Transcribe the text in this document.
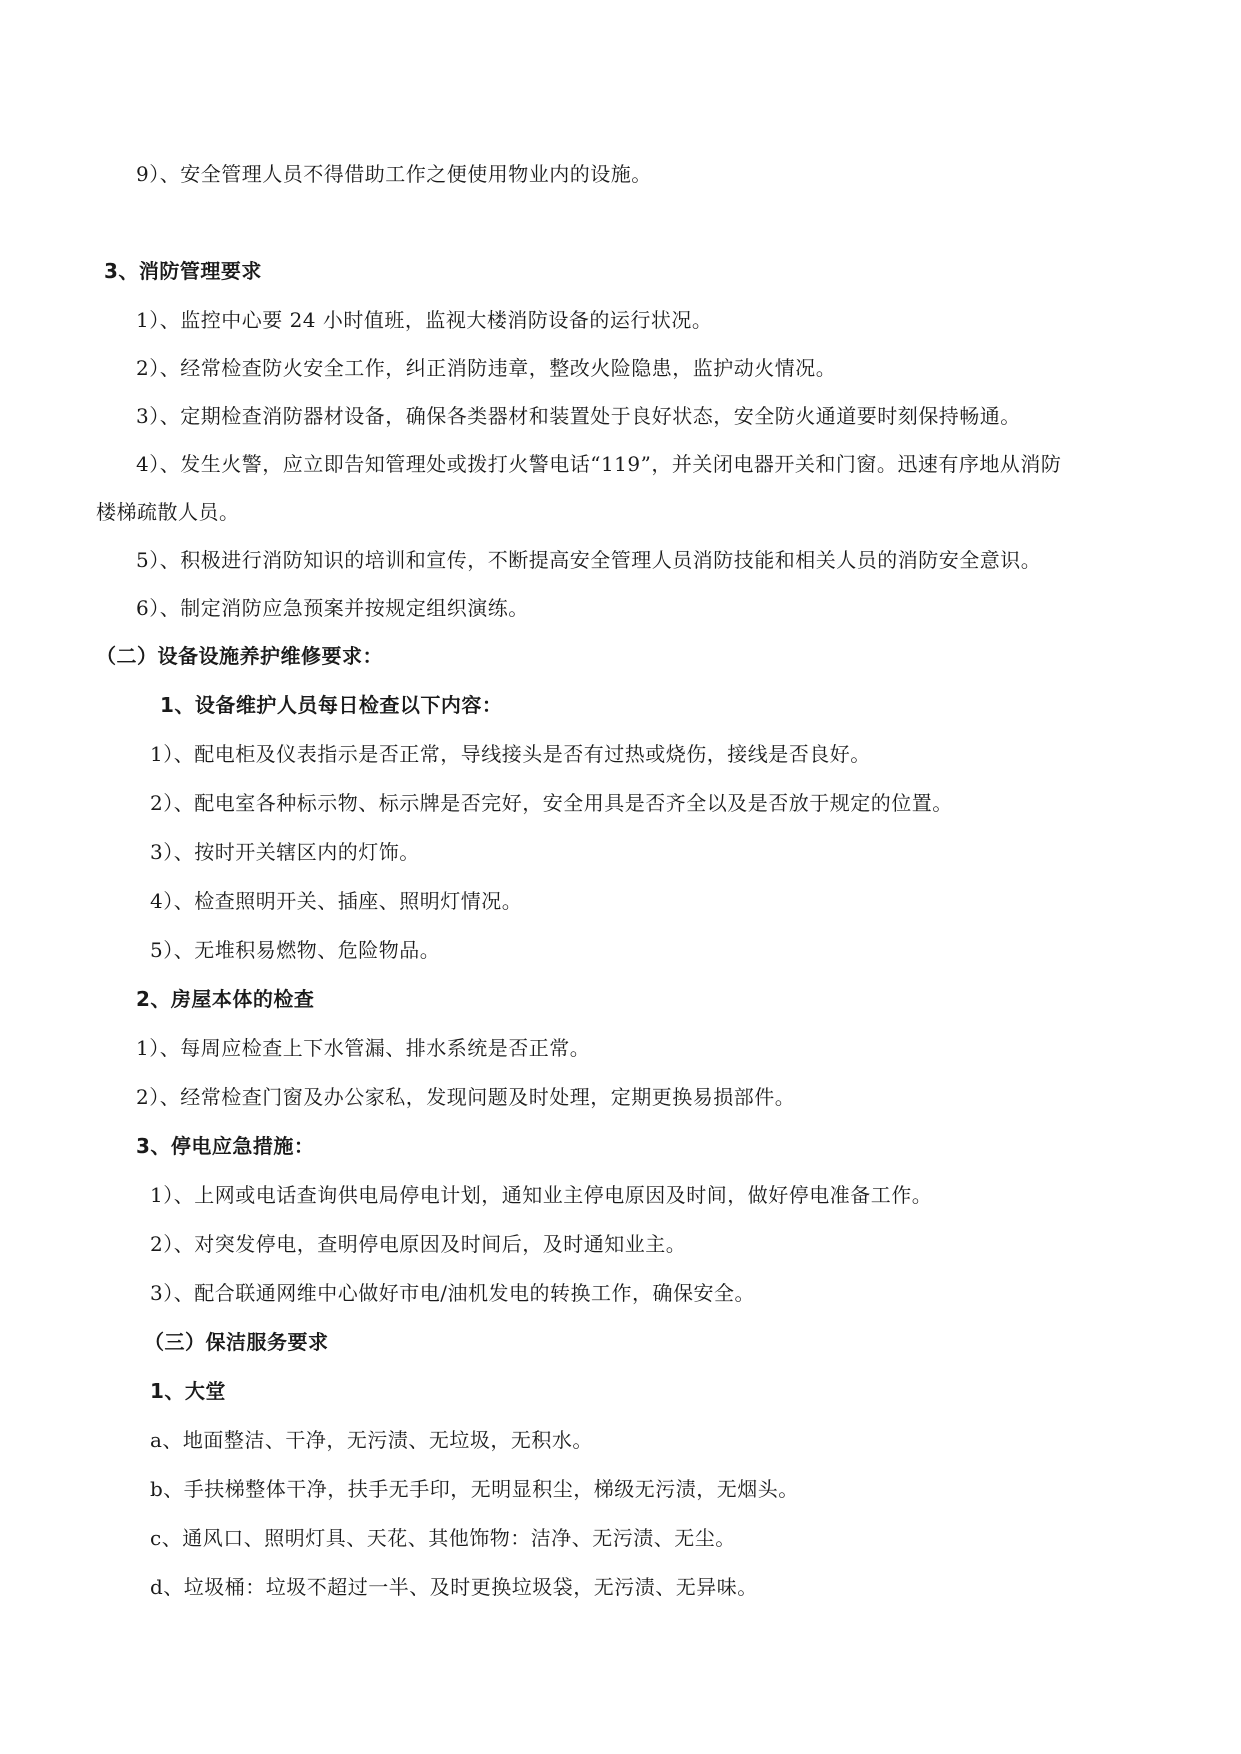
9）、安全管理人员不得借助工作之便使用物业内的设施。
3、消防管理要求
1）、监控中心要 24 小时值班，监视大楼消防设备的运行状况。
2）、经常检查防火安全工作，纠正消防违章，整改火险隐患，监护动火情况。
3）、定期检查消防器材设备，确保各类器材和装置处于良好状态，安全防火通道要时刻保持畅通。
4）、发生火警，应立即告知管理处或拨打火警电话“119”，并关闭电器开关和门窗。迅速有序地从消防
楼梯疏散人员。
5）、积极进行消防知识的培训和宣传，不断提高安全管理人员消防技能和相关人员的消防安全意识。
6）、制定消防应急预案并按规定组织演练。
（二）设备设施养护维修要求：
1、设备维护人员每日检查以下内容：
1）、配电柜及仪表指示是否正常，导线接头是否有过热或烧伤，接线是否良好。
2）、配电室各种标示物、标示牌是否完好，安全用具是否齐全以及是否放于规定的位置。
3）、按时开关辖区内的灯饰。
4）、检查照明开关、插座、照明灯情况。
5）、无堆积易燃物、危险物品。
2、房屋本体的检查
1）、每周应检查上下水管漏、排水系统是否正常。
2）、经常检查门窗及办公家私，发现问题及时处理，定期更换易损部件。
3、停电应急措施：
1）、上网或电话查询供电局停电计划，通知业主停电原因及时间，做好停电准备工作。
2）、对突发停电，查明停电原因及时间后，及时通知业主。
3）、配合联通网维中心做好市电/油机发电的转换工作，确保安全。
（三）保洁服务要求
1、大堂
a、地面整洁、干净，无污渍、无垃圾，无积水。
b、手扶梯整体干净，扶手无手印，无明显积尘，梯级无污渍，无烟头。
c、通风口、照明灯具、天花、其他饰物：洁净、无污渍、无尘。
d、垃圾桶：垃圾不超过一半、及时更换垃圾袋，无污渍、无异味。
